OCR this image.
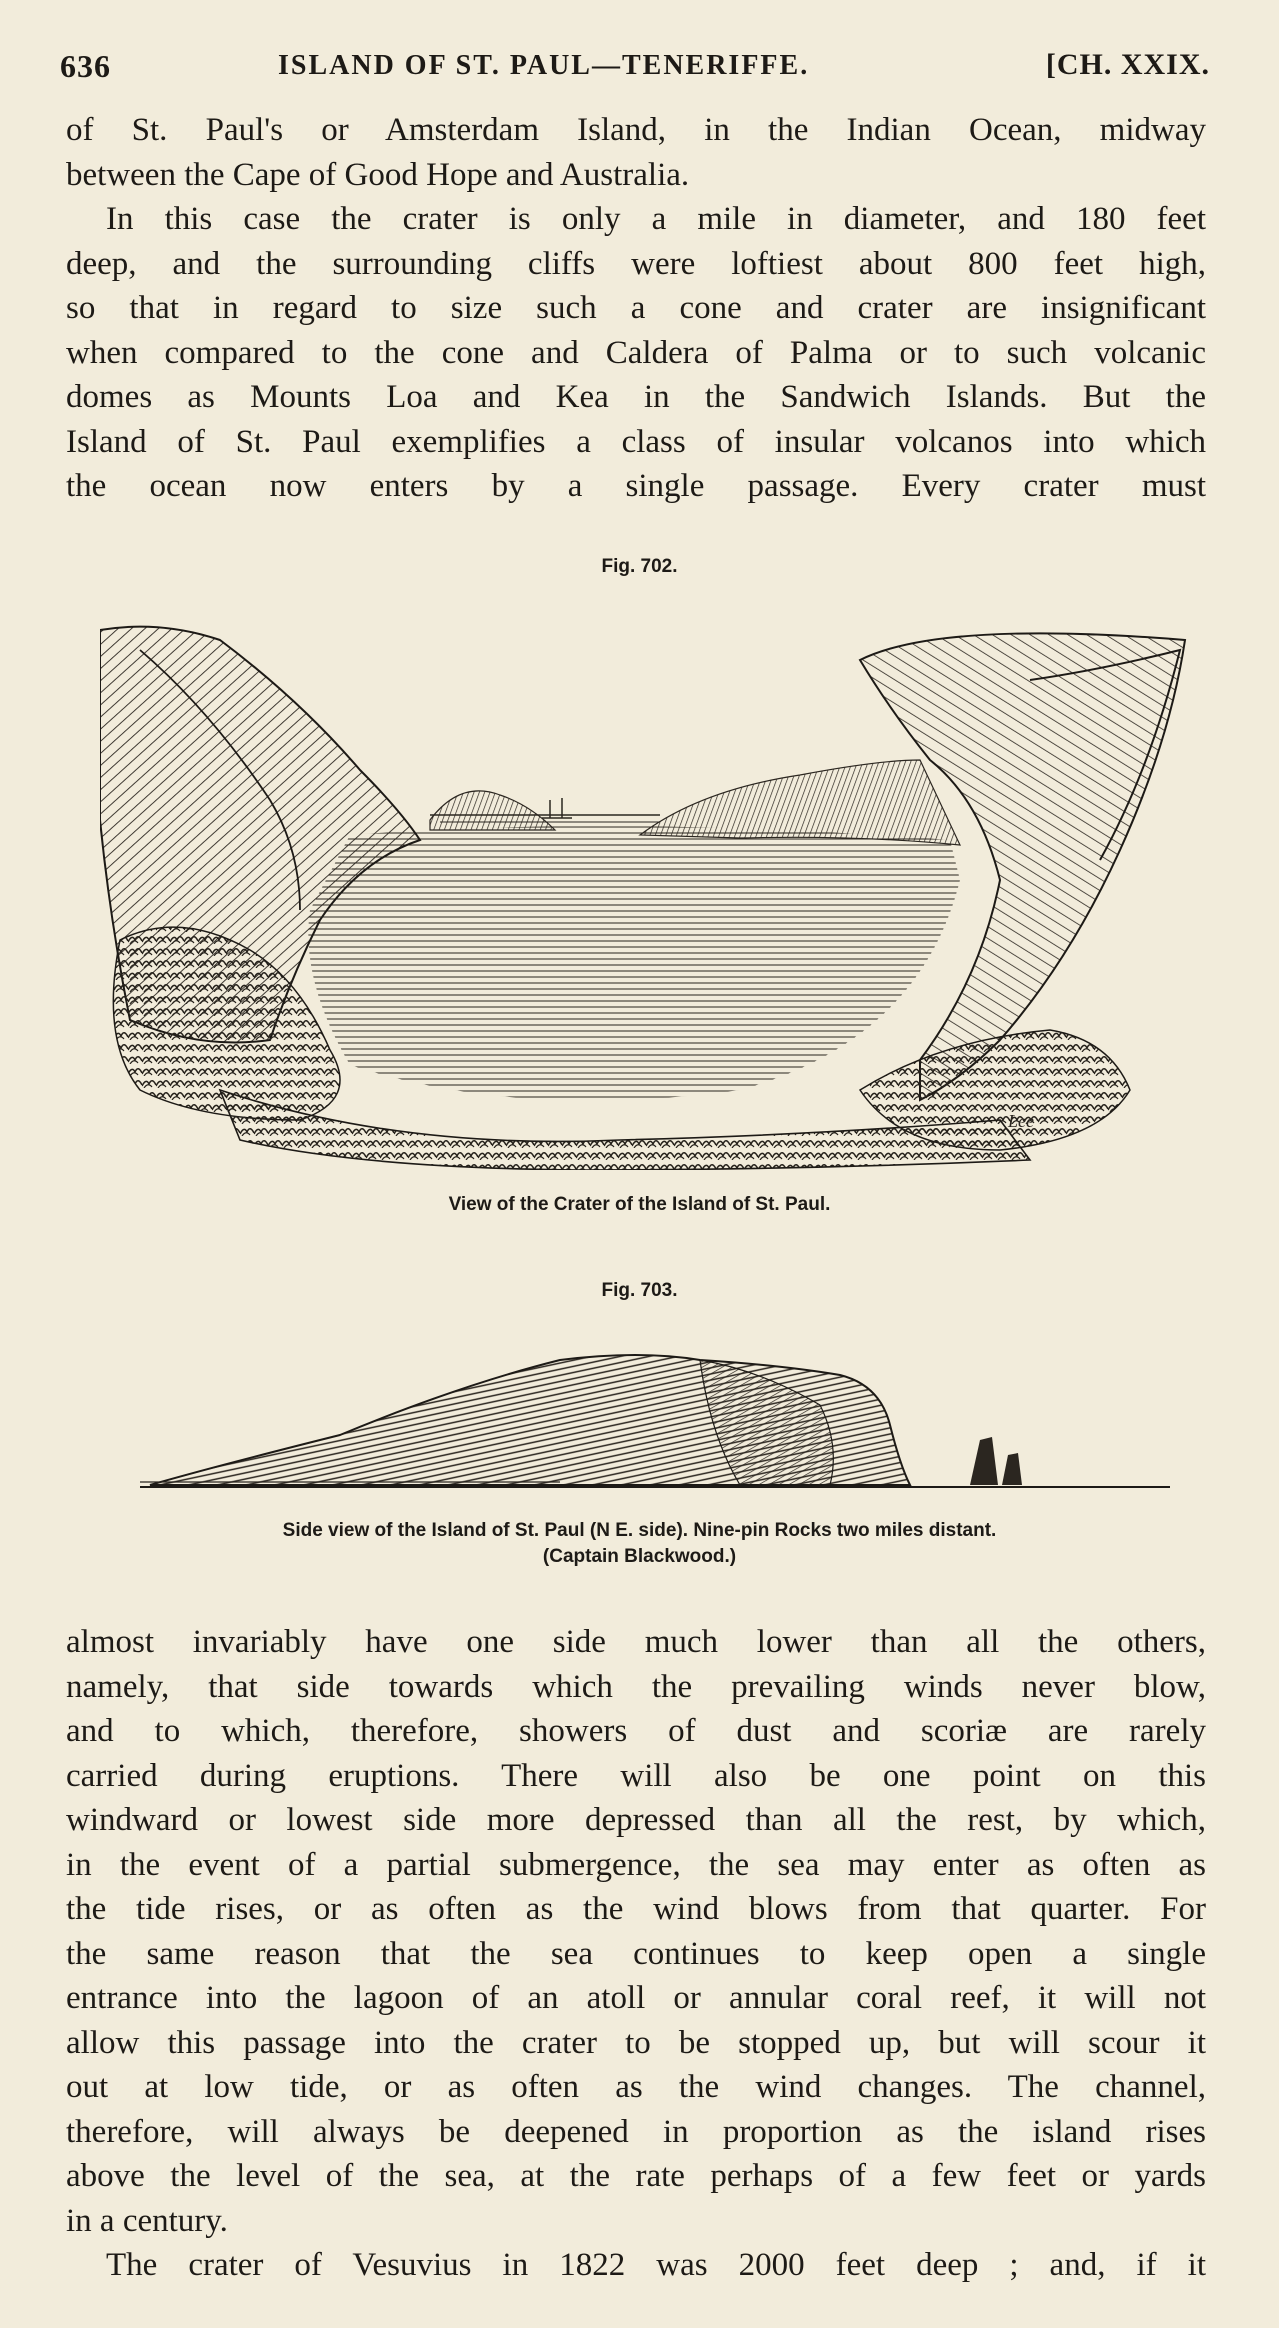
636	ISLAND OF ST. PAUL—TENERIFFE.	[CH. XXIX.
of St. Paul's or Amsterdam Island, in the Indian Ocean, midway
between the Cape of Good Hope and Australia.
In this case the crater is only a mile in diameter, and 180 feet
deep, and the surrounding cliffs were loftiest about 800 feet high,
so that in regard to size such a cone and crater are insignificant
when compared to the cone and Caldera of Palma or to such volcanic
domes as Mounts Loa and Kea in the Sandwich Islands. But the
Island of St. Paul exemplifies a class of insular volcanos into which
the ocean now enters by a single passage. Every crater must
Fig. 702.
Lee
View of the Crater of the Island of St. Paul.
Fig. 703.
Side view of the Island of St. Paul (N E. side). Nine-pin Rocks two miles distant.
(Captain Blackwood.)
almost invariably have one side much lower than all the others,
namely, that side towards which the prevailing winds never blow,
and to which, therefore, showers of dust and scoriæ are rarely
carried during eruptions. There will also be one point on this
windward or lowest side more depressed than all the rest, by which,
in the event of a partial submergence, the sea may enter as often as
the tide rises, or as often as the wind blows from that quarter. For
the same reason that the sea continues to keep open a single
entrance into the lagoon of an atoll or annular coral reef, it will not
allow this passage into the crater to be stopped up, but will scour it
out at low tide, or as often as the wind changes. The channel,
therefore, will always be deepened in proportion as the island rises
above the level of the sea, at the rate perhaps of a few feet or yards
in a century.
The crater of Vesuvius in 1822 was 2000 feet deep ; and, if it
